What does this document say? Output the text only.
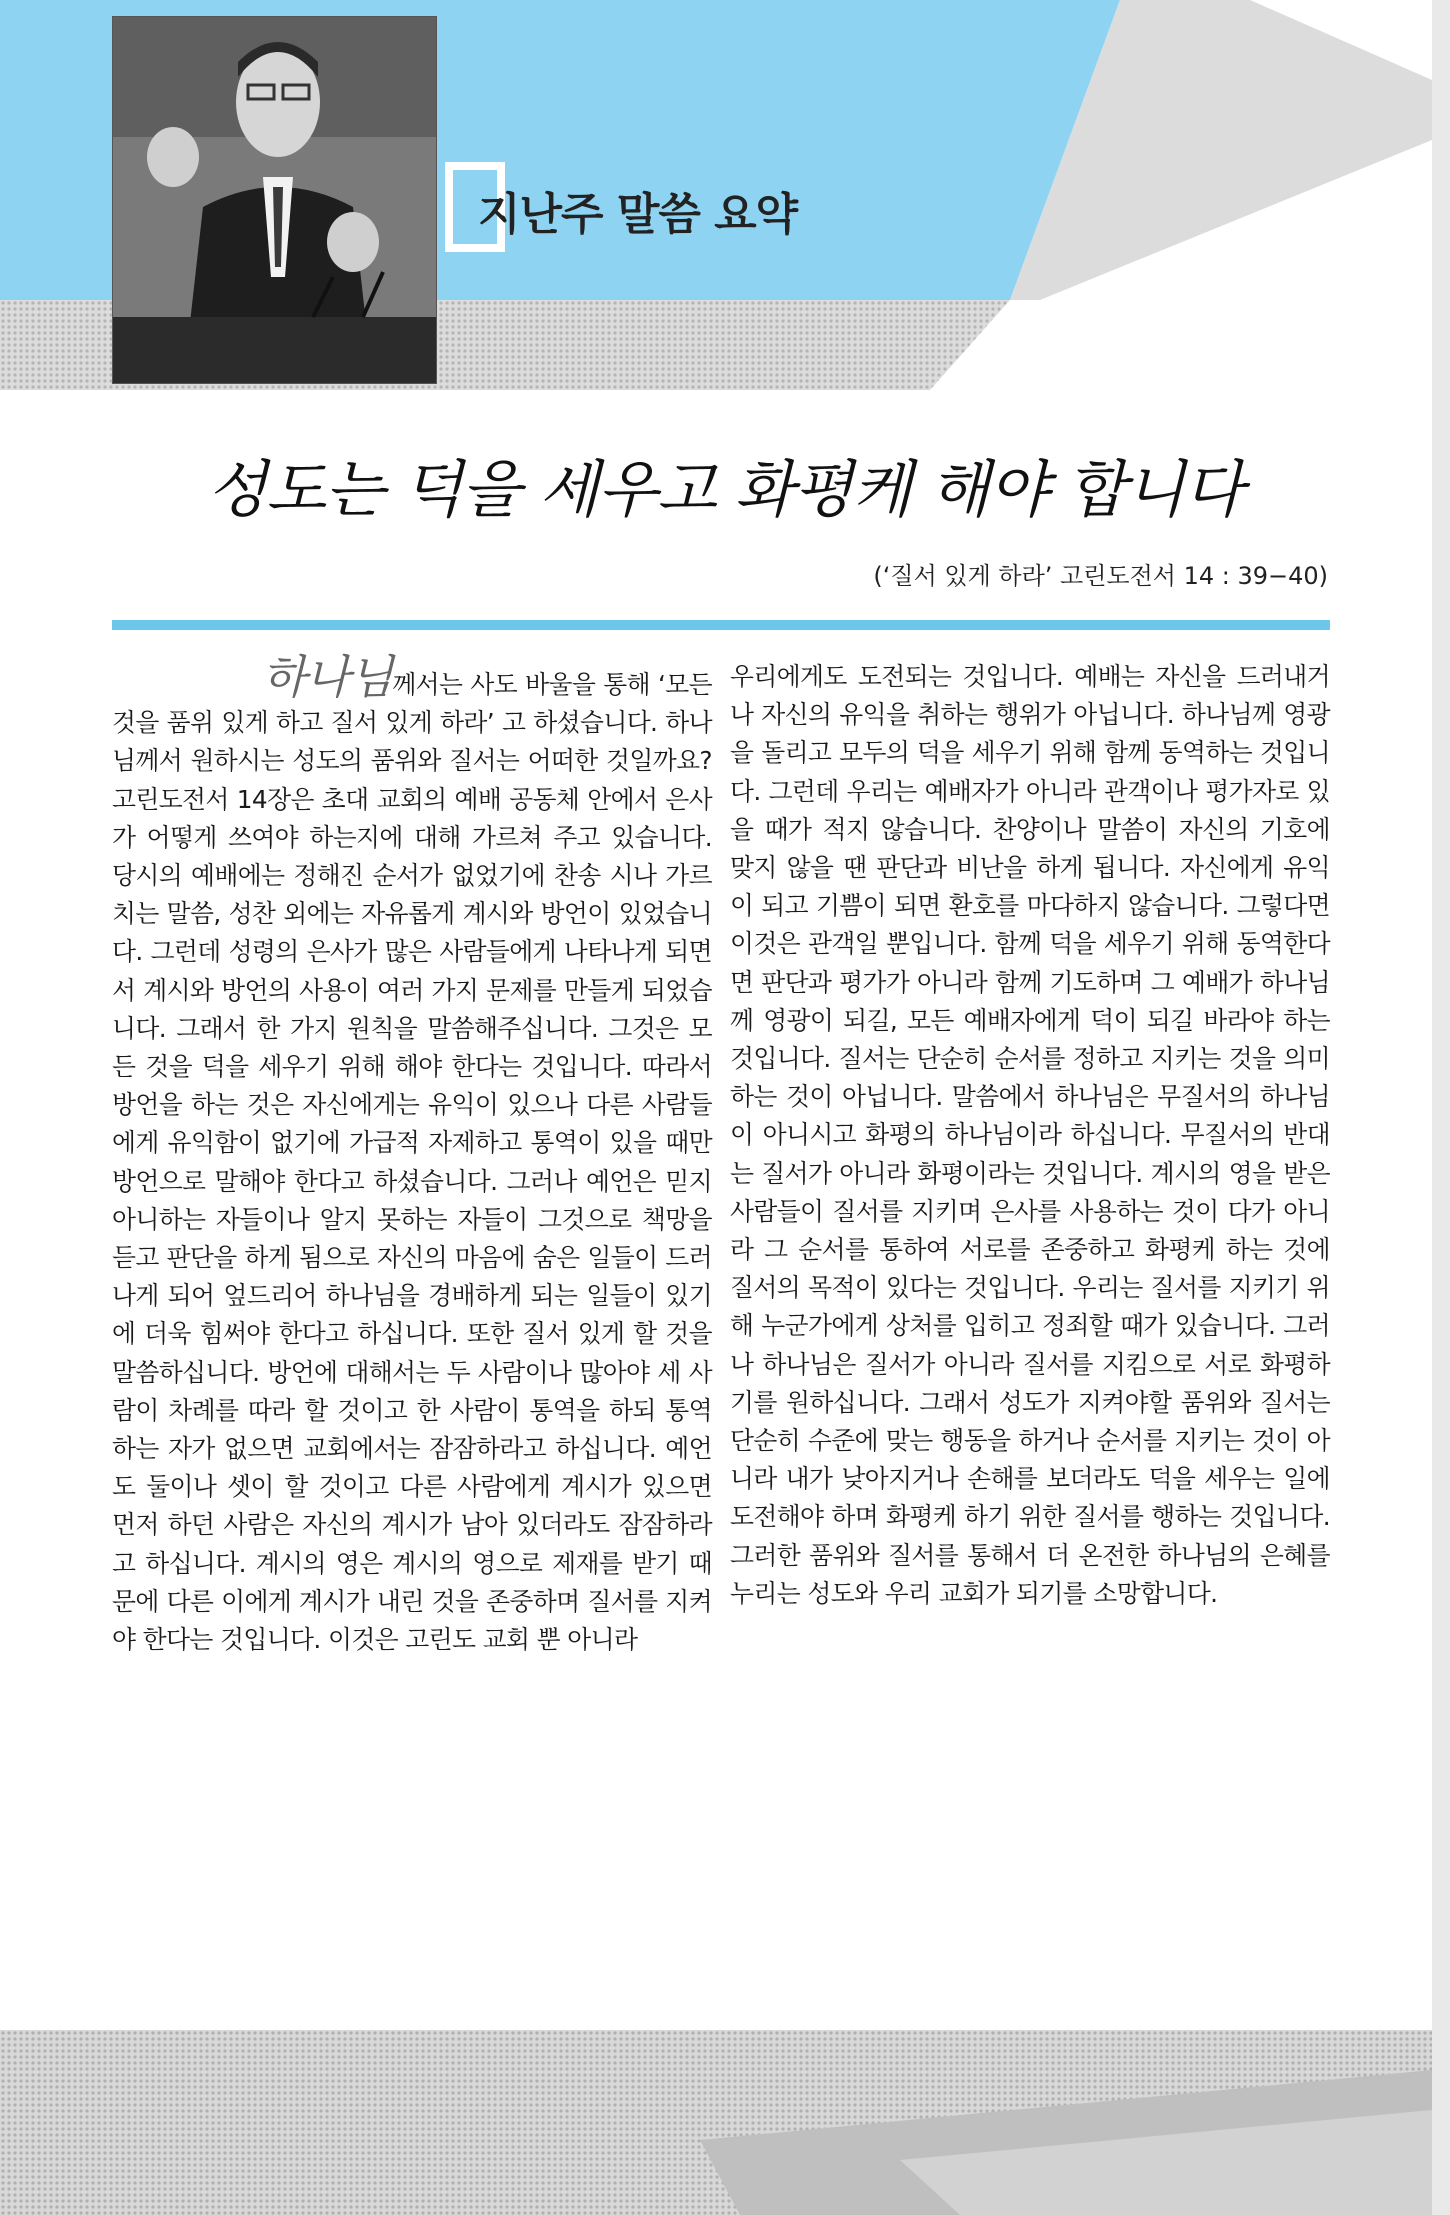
지난주 말씀 요약
성도는 덕을 세우고 화평케 해야 합니다
(‘질서 있게 하라’ 고린도전서 14 : 39−40)

하나님께서는 사도 바울을 통해 ‘모든 것을 품위 있게 하고 질서 있게 하라’ 고 하셨습니다. 하나님께서 원하시는 성도의 품위와 질서는 어떠한 것일까요? 고린도전서 14장은 초대 교회의 예배 공동체 안에서 은사가 어떻게 쓰여야 하는지에 대해 가르쳐 주고 있습니다. 당시의 예배에는 정해진 순서가 없었기에 찬송 시나 가르치는 말씀, 성찬 외에는 자유롭게 계시와 방언이 있었습니다. 그런데 성령의 은사가 많은 사람들에게 나타나게 되면서 계시와 방언의 사용이 여러 가지 문제를 만들게 되었습니다. 그래서 한 가지 원칙을 말씀해주십니다. 그것은 모든 것을 덕을 세우기 위해 해야 한다는 것입니다. 따라서 방언을 하는 것은 자신에게는 유익이 있으나 다른 사람들에게 유익함이 없기에 가급적 자제하고 통역이 있을 때만 방언으로 말해야 한다고 하셨습니다. 그러나 예언은 믿지 아니하는 자들이나 알지 못하는 자들이 그것으로 책망을 듣고 판단을 하게 됨으로 자신의 마음에 숨은 일들이 드러나게 되어 엎드리어 하나님을 경배하게 되는 일들이 있기에 더욱 힘써야 한다고 하십니다. 또한 질서 있게 할 것을 말씀하십니다. 방언에 대해서는 두 사람이나 많아야 세 사람이 차례를 따라 할 것이고 한 사람이 통역을 하되 통역하는 자가 없으면 교회에서는 잠잠하라고 하십니다. 예언도 둘이나 셋이 할 것이고 다른 사람에게 계시가 있으면 먼저 하던 사람은 자신의 계시가 남아 있더라도 잠잠하라고 하십니다. 계시의 영은 계시의 영으로 제재를 받기 때문에 다른 이에게 계시가 내린 것을 존중하며 질서를 지켜야 한다는 것입니다. 이것은 고린도 교회 뿐 아니라

우리에게도 도전되는 것입니다. 예배는 자신을 드러내거나 자신의 유익을 취하는 행위가 아닙니다. 하나님께 영광을 돌리고 모두의 덕을 세우기 위해 함께 동역하는 것입니다. 그런데 우리는 예배자가 아니라 관객이나 평가자로 있을 때가 적지 않습니다. 찬양이나 말씀이 자신의 기호에 맞지 않을 땐 판단과 비난을 하게 됩니다. 자신에게 유익이 되고 기쁨이 되면 환호를 마다하지 않습니다. 그렇다면 이것은 관객일 뿐입니다. 함께 덕을 세우기 위해 동역한다면 판단과 평가가 아니라 함께 기도하며 그 예배가 하나님께 영광이 되길, 모든 예배자에게 덕이 되길 바라야 하는 것입니다. 질서는 단순히 순서를 정하고 지키는 것을 의미하는 것이 아닙니다. 말씀에서 하나님은 무질서의 하나님이 아니시고 화평의 하나님이라 하십니다. 무질서의 반대는 질서가 아니라 화평이라는 것입니다. 계시의 영을 받은 사람들이 질서를 지키며 은사를 사용하는 것이 다가 아니라 그 순서를 통하여 서로를 존중하고 화평케 하는 것에 질서의 목적이 있다는 것입니다. 우리는 질서를 지키기 위해 누군가에게 상처를 입히고 정죄할 때가 있습니다. 그러나 하나님은 질서가 아니라 질서를 지킴으로 서로 화평하기를 원하십니다. 그래서 성도가 지켜야할 품위와 질서는 단순히 수준에 맞는 행동을 하거나 순서를 지키는 것이 아니라 내가 낮아지거나 손해를 보더라도 덕을 세우는 일에 도전해야 하며 화평케 하기 위한 질서를 행하는 것입니다. 그러한 품위와 질서를 통해서 더 온전한 하나님의 은혜를 누리는 성도와 우리 교회가 되기를 소망합니다.
